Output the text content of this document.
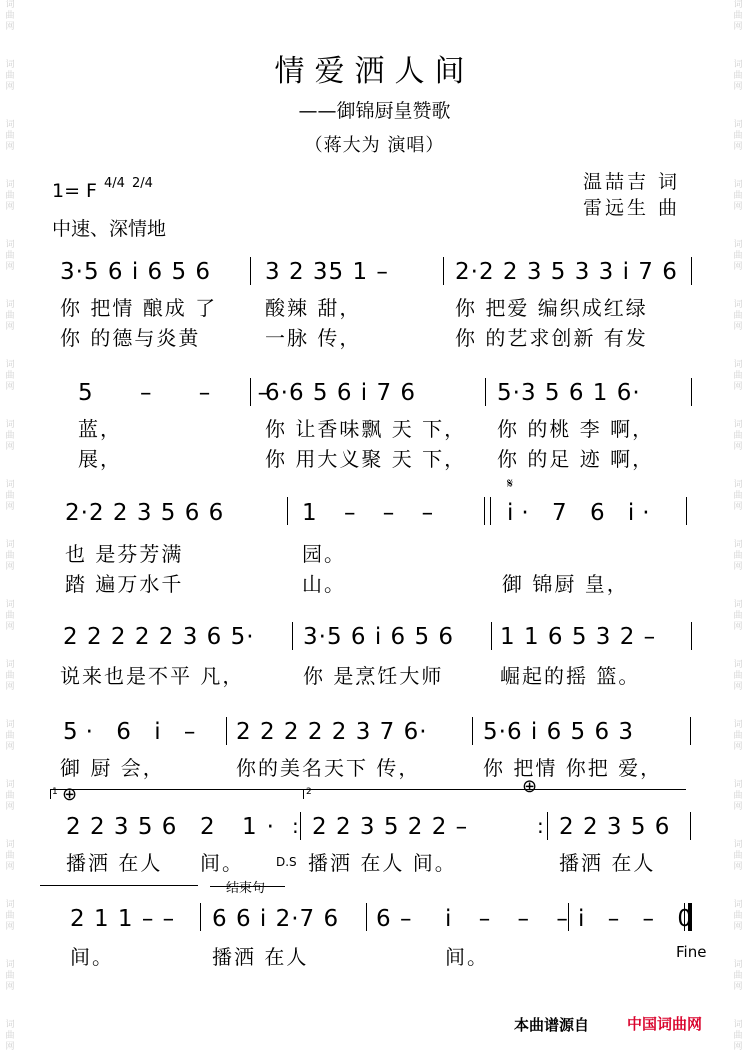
词曲网
词曲网
词曲网
词曲网
词曲网
词曲网
词曲网
词曲网
词曲网
词曲网
词曲网
词曲网
词曲网
词曲网
词曲网
词曲网
词曲网
词曲网
词曲网
词曲网
词曲网
词曲网
词曲网
词曲网
词曲网
词曲网
词曲网
词曲网
词曲网
词曲网
词曲网
词曲网
词曲网
词曲网
词曲网
词曲网
情爱洒人间
——御锦厨皇赞歌
（蒋大为 演唱）
1= F 4/4 2/4
中速、深情地
温喆吉 词
雷远生 曲
3·5 6 i 6 5 6 3 2 35 1 –	2·2 2 3 5 3 3 i 7 6
你 把情 酿成 了 酸辣 甜，	你 把爱 编织成红绿
你 的德与炎黄	一脉 传，	你 的艺求创新 有发
5 – – –
6·6 5 6 i 7 6	5·3 5 6 1 6·
蓝，	你 让香味飘 天 下， 你 的桃 李 啊，
展，	你 用大义聚 天 下， 你 的足 迹 啊，
𝄋
2·2 2 3 5 6 6	1 – – –	i· 7 6 i·
也 是芬芳满	园。
踏 遍万水千	山。	御 锦厨 皇，
2 2 2 2 2 3 6 5· 3·5 6 i 6 5 6 1 1 6 5 3 2 –
说来也是不平 凡，	你 是烹饪大师	崛起的摇 篮。
5· 6 i – 2 2 2 2 2 3 7 6· 5·6 i 6 5 6 3
御 厨 会，	你的美名天下 传，	你 把情 你把 爱，
1	2
⊕	⊕
:	:
2 2 3 5 6 2 1· 2 2 3 5 2 2 –	2 2 3 5 6
播洒 在人 间。	D.S 播洒 在人 间。	播洒 在人
结束句
2 1 1 – – 6 6 i 2·7 6 6 – i – – – i – – 0
间。	播洒 在人	间。	Fine
本曲谱源自	中国词曲网
